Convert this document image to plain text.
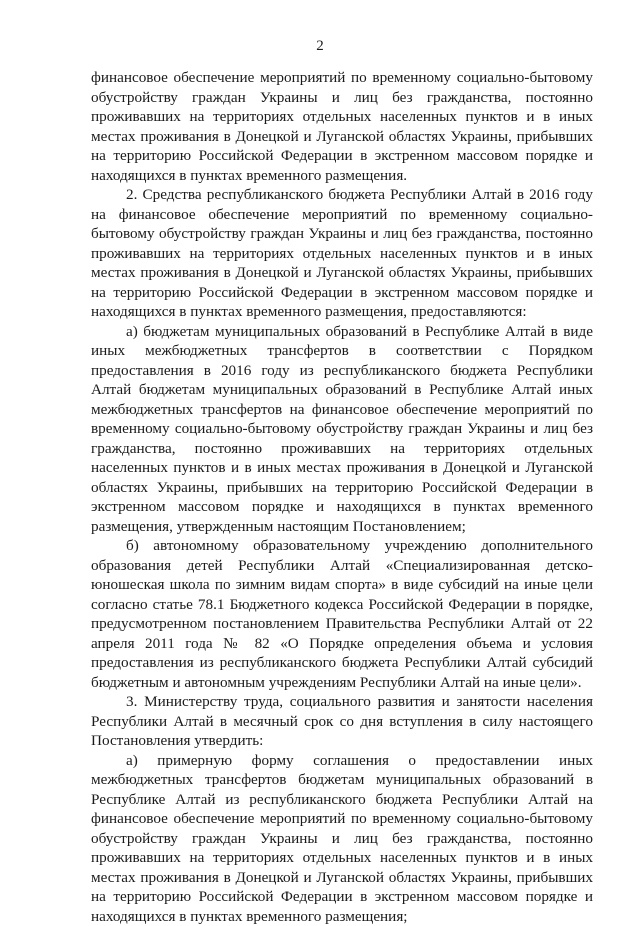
2

финансовое обеспечение мероприятий по временному социально-бытовому обустройству граждан Украины и лиц без гражданства, постоянно проживавших на территориях отдельных населенных пунктов и в иных местах проживания в Донецкой и Луганской областях Украины, прибывших на территорию Российской Федерации в экстренном массовом порядке и находящихся в пунктах временного размещения.

2. Средства республиканского бюджета Республики Алтай в 2016 году на финансовое обеспечение мероприятий по временному социально-бытовому обустройству граждан Украины и лиц без гражданства, постоянно проживавших на территориях отдельных населенных пунктов и в иных местах проживания в Донецкой и Луганской областях Украины, прибывших на территорию Российской Федерации в экстренном массовом порядке и находящихся в пунктах временного размещения, предоставляются:

а) бюджетам муниципальных образований в Республике Алтай в виде иных межбюджетных трансфертов в соответствии с Порядком предоставления в 2016 году из республиканского бюджета Республики Алтай бюджетам муниципальных образований в Республике Алтай иных межбюджетных трансфертов на финансовое обеспечение мероприятий по временному социально-бытовому обустройству граждан Украины и лиц без гражданства, постоянно проживавших на территориях отдельных населенных пунктов и в иных местах проживания в Донецкой и Луганской областях Украины, прибывших на территорию Российской Федерации в экстренном массовом порядке и находящихся в пунктах временного размещения, утвержденным настоящим Постановлением;

б) автономному образовательному учреждению дополнительного образования детей Республики Алтай «Специализированная детско-юношеская школа по зимним видам спорта» в виде субсидий на иные цели согласно статье 78.1 Бюджетного кодекса Российской Федерации в порядке, предусмотренном постановлением Правительства Республики Алтай от 22 апреля 2011 года № 82 «О Порядке определения объема и условия предоставления из республиканского бюджета Республики Алтай субсидий бюджетным и автономным учреждениям Республики Алтай на иные цели».

3. Министерству труда, социального развития и занятости населения Республики Алтай в месячный срок со дня вступления в силу настоящего Постановления утвердить:

а) примерную форму соглашения о предоставлении иных межбюджетных трансфертов бюджетам муниципальных образований в Республике Алтай из республиканского бюджета Республики Алтай на финансовое обеспечение мероприятий по временному социально-бытовому обустройству граждан Украины и лиц без гражданства, постоянно проживавших на территориях отдельных населенных пунктов и в иных местах проживания в Донецкой и Луганской областях Украины, прибывших на территорию Российской Федерации в экстренном массовом порядке и находящихся в пунктах временного размещения;
